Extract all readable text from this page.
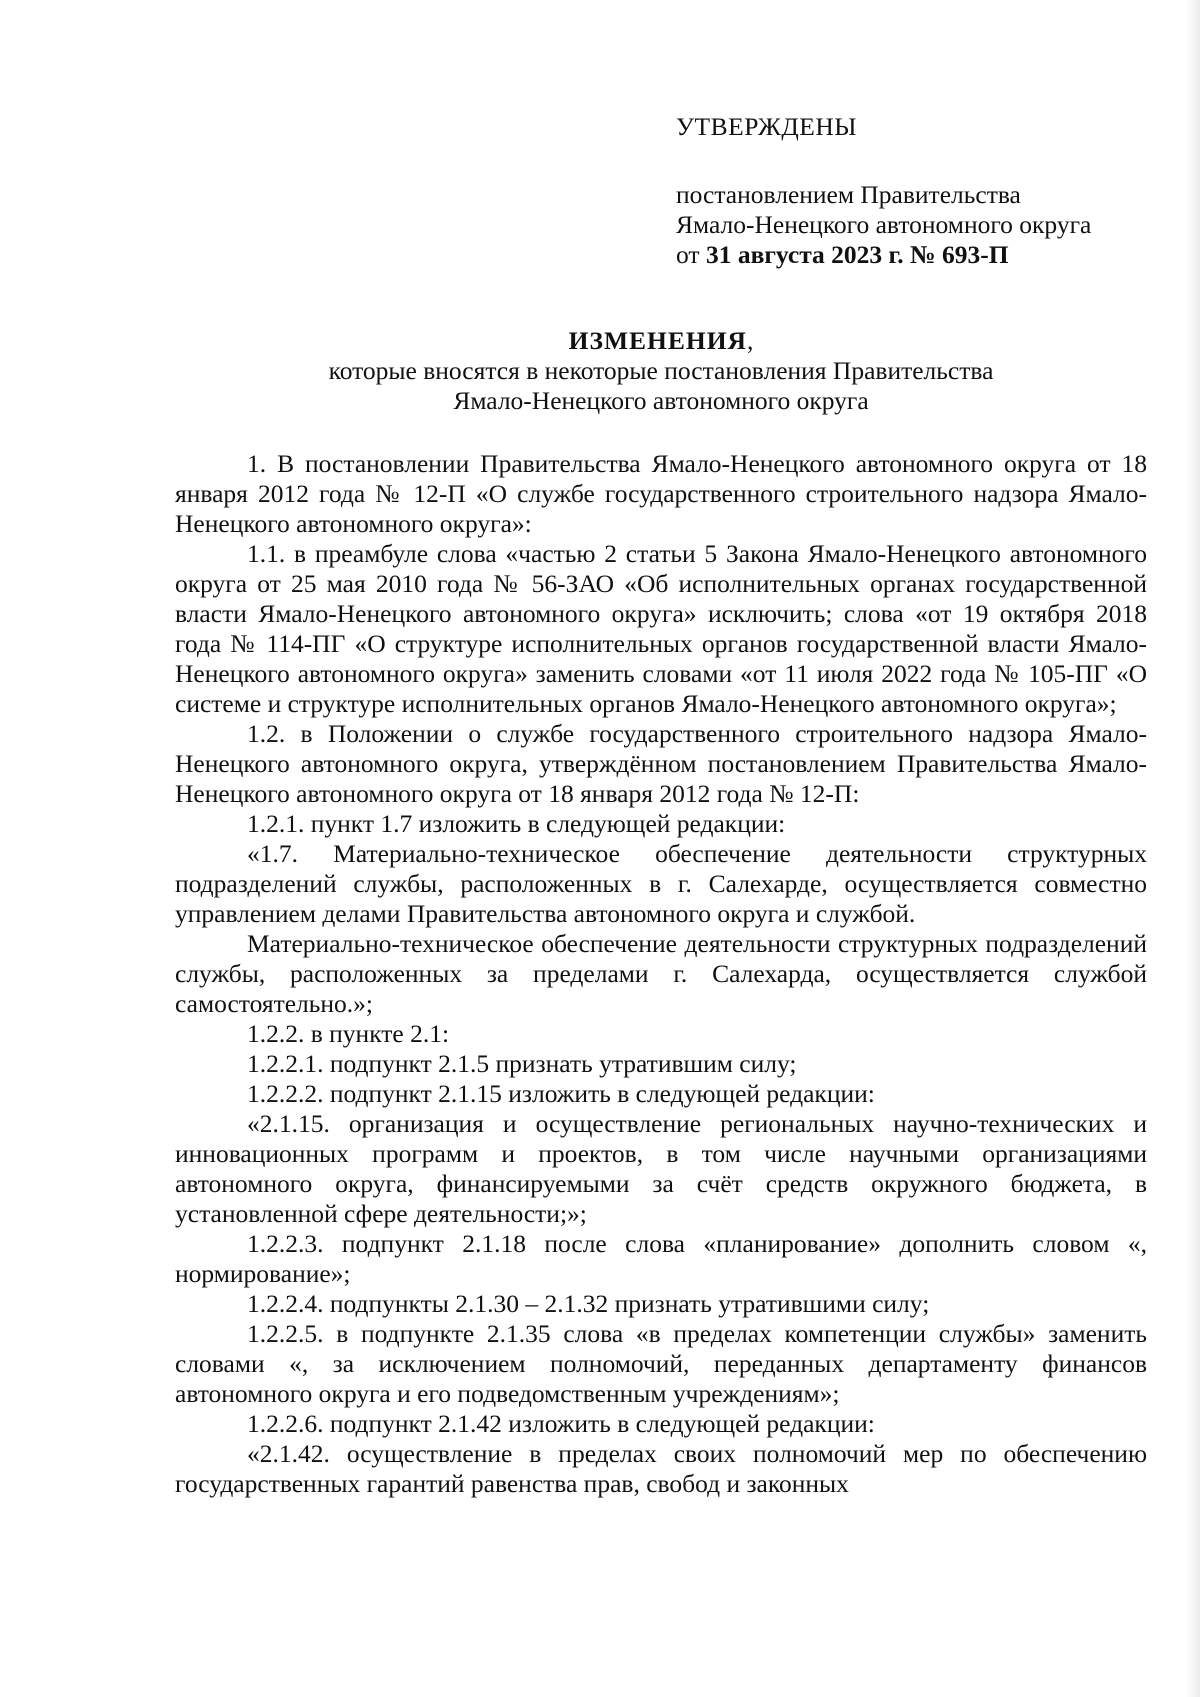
УТВЕРЖДЕНЫ
постановлением Правительства
Ямало-Ненецкого автономного округа
от 31 августа 2023 г. № 693-П
ИЗМЕНЕНИЯ,
которые вносятся в некоторые постановления Правительства
Ямало-Ненецкого автономного округа

1. В постановлении Правительства Ямало-Ненецкого автономного округа от 18 января 2012 года № 12-П «О службе государственного строительного надзора Ямало-Ненецкого автономного округа»:

1.1. в преамбуле слова «частью 2 статьи 5 Закона Ямало-Ненецкого автономного округа от 25 мая 2010 года № 56-ЗАО «Об исполнительных органах государственной власти Ямало-Ненецкого автономного округа» исключить; слова «от 19 октября 2018 года № 114-ПГ «О структуре исполнительных органов государственной власти Ямало-Ненецкого автономного округа» заменить словами «от 11 июля 2022 года № 105-ПГ «О системе и структуре исполнительных органов Ямало-Ненецкого автономного округа»;

1.2. в Положении о службе государственного строительного надзора Ямало-Ненецкого автономного округа, утверждённом постановлением Правительства Ямало-Ненецкого автономного округа от 18 января 2012 года № 12-П:

1.2.1. пункт 1.7 изложить в следующей редакции:

«1.7. Материально-техническое обеспечение деятельности структурных подразделений службы, расположенных в г. Салехарде, осуществляется совместно управлением делами Правительства автономного округа и службой.

Материально-техническое обеспечение деятельности структурных подразделений службы, расположенных за пределами г. Салехарда, осуществляется службой самостоятельно.»;

1.2.2. в пункте 2.1:

1.2.2.1. подпункт 2.1.5 признать утратившим силу;

1.2.2.2. подпункт 2.1.15 изложить в следующей редакции:

«2.1.15. организация и осуществление региональных научно-технических и инновационных программ и проектов, в том числе научными организациями автономного округа, финансируемыми за счёт средств окружного бюджета, в установленной сфере деятельности;»;

1.2.2.3. подпункт 2.1.18 после слова «планирование» дополнить словом «, нормирование»;

1.2.2.4. подпункты 2.1.30 – 2.1.32 признать утратившими силу;

1.2.2.5. в подпункте 2.1.35 слова «в пределах компетенции службы» заменить словами «, за исключением полномочий, переданных департаменту финансов автономного округа и его подведомственным учреждениям»;

1.2.2.6. подпункт 2.1.42 изложить в следующей редакции:

«2.1.42. осуществление в пределах своих полномочий мер по обеспечению государственных гарантий равенства прав, свобод и законных
